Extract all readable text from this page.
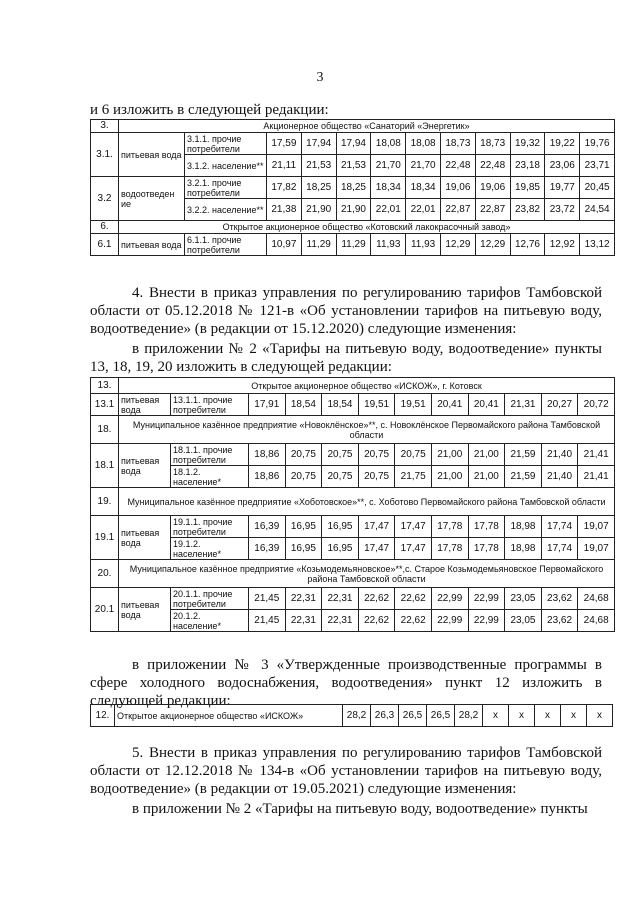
3
и 6 изложить в следующей редакции:
3.	Акционерное общество «Санаторий «Энергетик»											
3.1.	питьевая вода	3.1.1. прочие потребители	17,59	17,94	17,94	18,08	18,08	18,73	18,73	19,32	19,22	19,76
		3.1.2. население**	21,11	21,53	21,53	21,70	21,70	22,48	22,48	23,18	23,06	23,71
3.2	водоотведен ие	3.2.1. прочие потребители	17,82	18,25	18,25	18,34	18,34	19,06	19,06	19,85	19,77	20,45
		3.2.2. население**	21,38	21,90	21,90	22,01	22,01	22,87	22,87	23,82	23,72	24,54
6.	Открытое акционерное общество «Котовский лакокрасочный завод»											
6.1	питьевая вода	6.1.1. прочие потребители	10,97	11,29	11,29	11,93	11,93	12,29	12,29	12,76	12,92	13,12
4. Внести в приказ управления по регулированию тарифов Тамбовской области от 05.12.2018 № 121-в «Об установлении тарифов на питьевую воду, водоотведение» (в редакции от 15.12.2020) следующие изменения:
в приложении № 2 «Тарифы на питьевую воду, водоотведение» пункты 13, 18, 19, 20 изложить в следующей редакции:
13.	Открытое акционерное общество «ИСКОЖ», г. Котовск											
13.1	питьевая вода	13.1.1. прочие потребители	17,91	18,54	18,54	19,51	19,51	20,41	20,41	21,31	20,27	20,72
18.	Муниципальное казённое предприятие «Новоклёнское»**, с. Новоклёнское Первомайского района Тамбовской области											
18.1	питьевая вода	18.1.1. прочие потребители	18,86	20,75	20,75	20,75	20,75	21,00	21,00	21,59	21,40	21,41
		18.1.2. население*	18,86	20,75	20,75	20,75	21,75	21,00	21,00	21,59	21,40	21,41
19.	Муниципальное казённое предприятие «Хоботовское»**, с. Хоботово Первомайского района Тамбовской области											
19.1	питьевая вода	19.1.1. прочие потребители	16,39	16,95	16,95	17,47	17,47	17,78	17,78	18,98	17,74	19,07
		19.1.2. население*	16,39	16,95	16,95	17,47	17,47	17,78	17,78	18,98	17,74	19,07
20.	Муниципальное казённое предприятие «Козьмодемьяновское»**,с. Старое Козьмодемьяновское Первомайского района Тамбовской области											
20.1	питьевая вода	20.1.1. прочие потребители	21,45	22,31	22,31	22,62	22,62	22,99	22,99	23,05	23,62	24,68
		20.1.2. население*	21,45	22,31	22,31	22,62	22,62	22,99	22,99	23,05	23,62	24,68
в приложении № 3 «Утвержденные производственные программы в сфере холодного водоснабжения, водоотведения» пункт 12 изложить в следующей редакции:
12.	Открытое акционерное общество «ИСКОЖ»	28,2	26,3	26,5	26,5	28,2	x	x	x	x	x
5. Внести в приказ управления по регулированию тарифов Тамбовской области от 12.12.2018 № 134-в «Об установлении тарифов на питьевую воду, водоотведение» (в редакции от 19.05.2021) следующие изменения:
в приложении № 2 «Тарифы на питьевую воду, водоотведение» пункты
